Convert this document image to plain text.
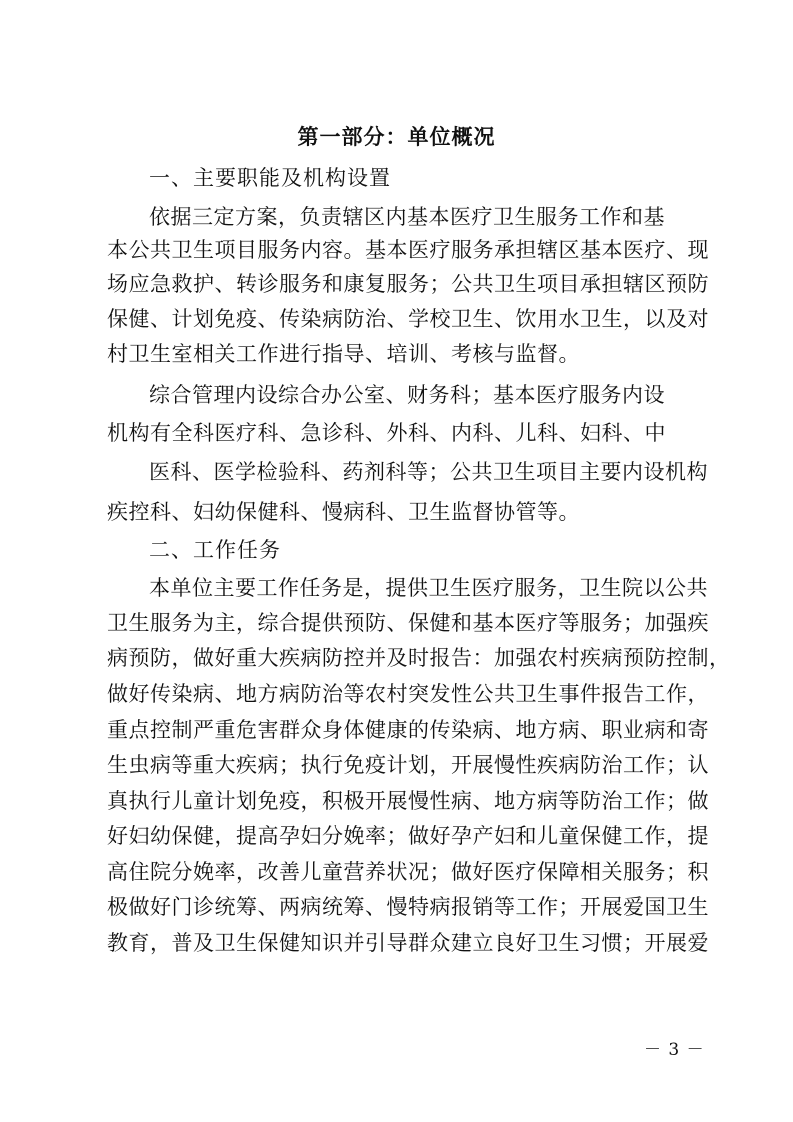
第一部分：单位概况
一、主要职能及机构设置
依据三定方案，负责辖区内基本医疗卫生服务工作和基
本公共卫生项目服务内容。基本医疗服务承担辖区基本医疗、现
场应急救护、转诊服务和康复服务；公共卫生项目承担辖区预防
保健、计划免疫、传染病防治、学校卫生、饮用水卫生，以及对
村卫生室相关工作进行指导、培训、考核与监督。
综合管理内设综合办公室、财务科；基本医疗服务内设
机构有全科医疗科、急诊科、外科、内科、儿科、妇科、中
医科、医学检验科、药剂科等；公共卫生项目主要内设机构
疾控科、妇幼保健科、慢病科、卫生监督协管等。
二、工作任务
本单位主要工作任务是，提供卫生医疗服务，卫生院以公共
卫生服务为主，综合提供预防、保健和基本医疗等服务；加强疾
病预防，做好重大疾病防控并及时报告：加强农村疾病预防控制，
做好传染病、地方病防治等农村突发性公共卫生事件报告工作，
重点控制严重危害群众身体健康的传染病、地方病、职业病和寄
生虫病等重大疾病；执行免疫计划，开展慢性疾病防治工作；认
真执行儿童计划免疫，积极开展慢性病、地方病等防治工作；做
好妇幼保健，提高孕妇分娩率；做好孕产妇和儿童保健工作，提
高住院分娩率，改善儿童营养状况；做好医疗保障相关服务；积
极做好门诊统筹、两病统筹、慢特病报销等工作；开展爱国卫生
教育，普及卫生保健知识并引导群众建立良好卫生习惯；开展爱
－ 3 －
